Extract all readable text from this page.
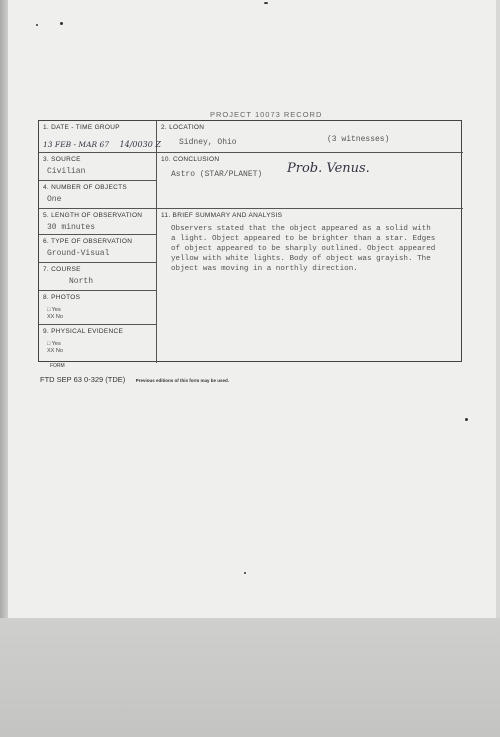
PROJECT 10073 RECORD
1. DATE - TIME GROUP
13 FEB - MAR 67 14/0030 Z
2. LOCATION
Sidney, Ohio	(3 witnesses)
3. SOURCE
Civilian
10. CONCLUSION
Astro (STAR/PLANET) Prob. Venus.
4. NUMBER OF OBJECTS
One
5. LENGTH OF OBSERVATION
30 minutes
11. BRIEF SUMMARY AND ANALYSIS
Observers stated that the object appeared as a solid with
a light. Object appeared to be brighter than a star. Edges
of object appeared to be sharply outlined. Object appeared
yellow with white lights. Body of object was grayish. The
object was moving in a northly direction.
6. TYPE OF OBSERVATION
Ground-Visual
7. COURSE
North
8. PHOTOS
□ Yes
XX No
9. PHYSICAL EVIDENCE
□ Yes
XX No
FORM
FTD SEP 63 0-329 (TDE) Previous editions of this form may be used.
